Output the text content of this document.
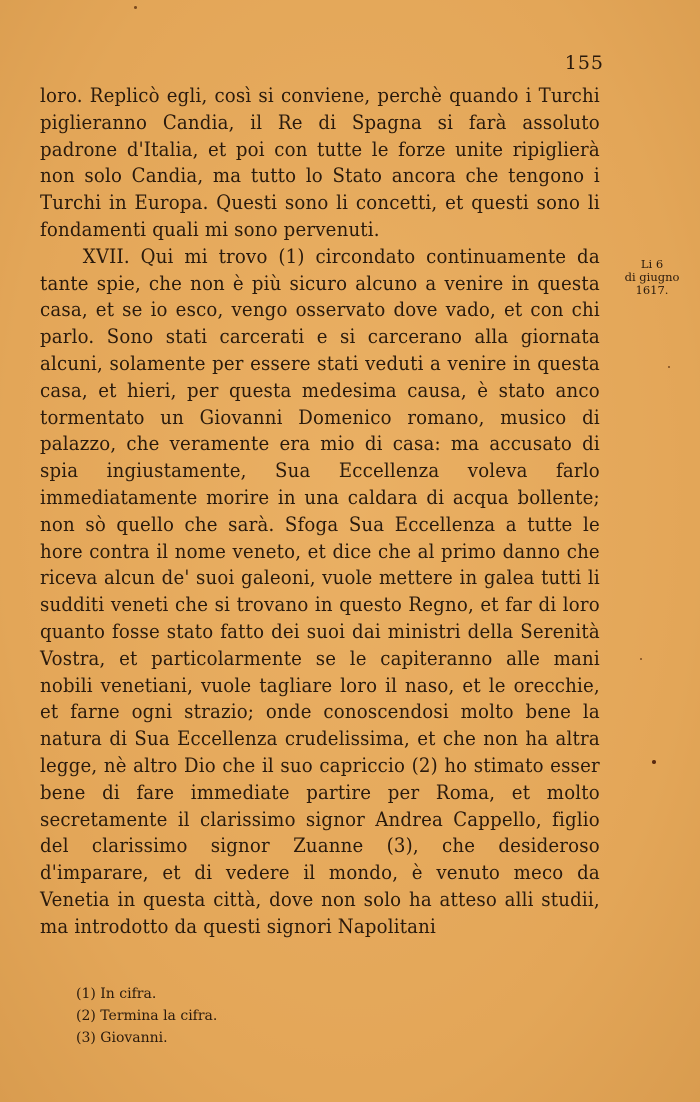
155

loro. Replicò egli, così si conviene, perchè quando i Turchi piglieranno Candia, il Re di Spagna si farà assoluto padrone d'Italia, et poi con tutte le forze unite ripiglierà non solo Candia, ma tutto lo Stato ancora che tengono i Turchi in Europa. Questi sono li concetti, et questi sono li fondamenti quali mi sono pervenuti.

XVII. Qui mi trovo (1) circondato continuamente da tante spie, che non è più sicuro alcuno a venire in questa casa, et se io esco, vengo osservato dove vado, et con chi parlo. Sono stati carcerati e si carcerano alla giornata alcuni, solamente per essere stati veduti a venire in questa casa, et hieri, per questa medesima causa, è stato anco tormentato un Giovanni Domenico romano, musico di palazzo, che veramente era mio di casa: ma accusato di spia ingiustamente, Sua Eccellenza voleva farlo immediatamente morire in una caldara di acqua bollente; non sò quello che sarà. Sfoga Sua Eccellenza a tutte le hore contra il nome veneto, et dice che al primo danno che riceva alcun de' suoi galeoni, vuole mettere in galea tutti li sudditi veneti che si trovano in questo Regno, et far di loro quanto fosse stato fatto dei suoi dai ministri della Serenità Vostra, et particolarmente se le capiteranno alle mani nobili venetiani, vuole tagliare loro il naso, et le orecchie, et farne ogni strazio; onde conoscendosi molto bene la natura di Sua Eccellenza crudelissima, et che non ha altra legge, nè altro Dio che il suo capriccio (2) ho stimato esser bene di fare immediate partire per Roma, et molto secretamente il clarissimo signor Andrea Cappello, figlio del clarissimo signor Zuanne (3), che desideroso d'imparare, et di vedere il mondo, è venuto meco da Venetia in questa città, dove non solo ha atteso alli studii, ma introdotto da questi signori Napolitani

Li 6
di giugno
1617.
(1) In cifra.
(2) Termina la cifra.
(3) Giovanni.
